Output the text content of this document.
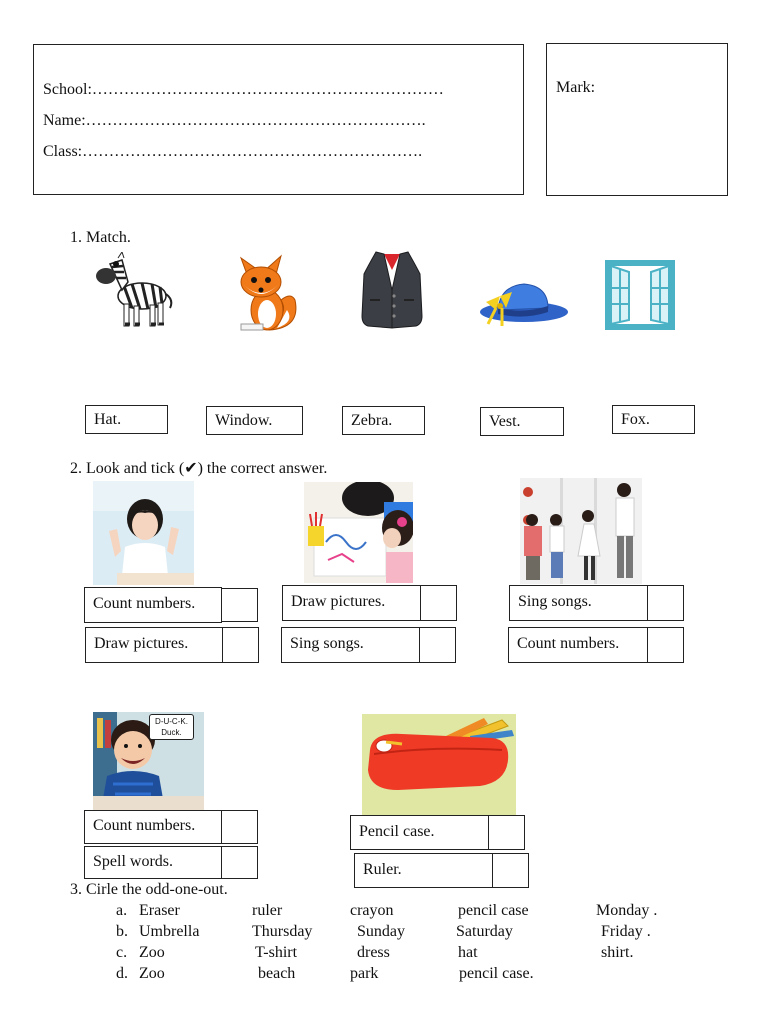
School:…………………………………………………………
Name:……………………………………………………….
Class:……………………………………………………….
Mark:
1. Match.
Hat.	Window.	Zebra.	Vest.	Fox.
2. Look and tick (✔) the correct answer.
Count numbers.
Draw pictures.
Draw pictures.
Sing songs.
Sing songs.
Count numbers.
D-U-C-K.
Duck.
Count numbers.
Spell words.
Pencil case.
Ruler.
3. Cirle the odd-one-out.
a. Eraser	ruler	crayon	pencil case	Monday .
b. Umbrella	Thursday	Sunday	Saturday	Friday .
c. Zoo	T-shirt	dress	hat	shirt.
d. Zoo	beach	park	pencil case.
